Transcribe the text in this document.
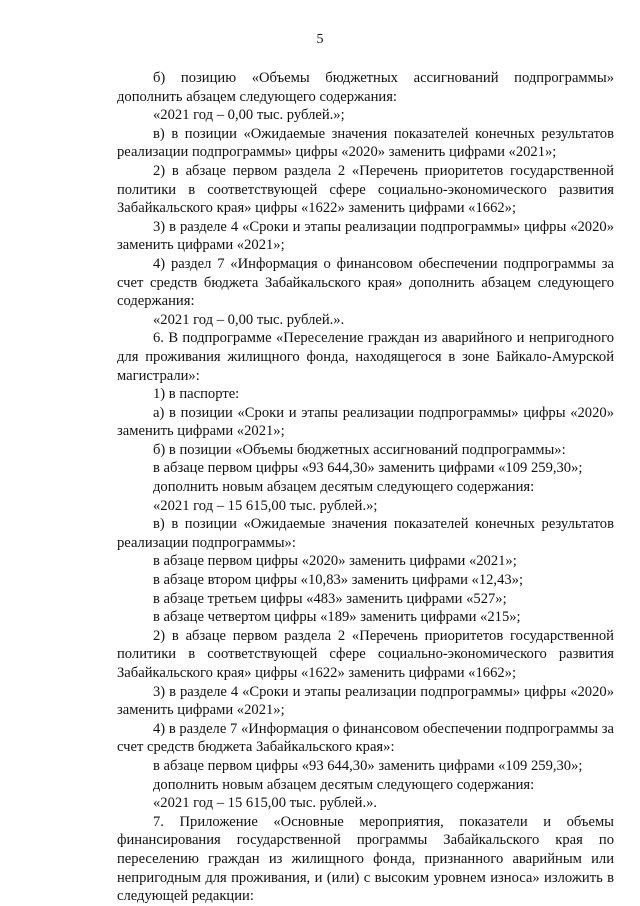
5

б) позицию «Объемы бюджетных ассигнований подпрограммы» дополнить абзацем следующего содержания:

«2021 год – 0,00 тыс. рублей.»;

в) в позиции «Ожидаемые значения показателей конечных результатов реализации подпрограммы» цифры «2020» заменить цифрами «2021»;

2) в абзаце первом раздела 2 «Перечень приоритетов государственной политики в соответствующей сфере социально-экономического развития Забайкальского края» цифры «1622» заменить цифрами «1662»;

3) в разделе 4 «Сроки и этапы реализации подпрограммы» цифры «2020» заменить цифрами «2021»;

4) раздел 7 «Информация о финансовом обеспечении подпрограммы за счет средств бюджета Забайкальского края» дополнить абзацем следующего содержания:

«2021 год – 0,00 тыс. рублей.».

6. В подпрограмме «Переселение граждан из аварийного и непригодного для проживания жилищного фонда, находящегося в зоне Байкало-Амурской магистрали»:

1) в паспорте:

а) в позиции «Сроки и этапы реализации подпрограммы» цифры «2020» заменить цифрами «2021»;

б) в позиции «Объемы бюджетных ассигнований подпрограммы»:

в абзаце первом цифры «93 644,30» заменить цифрами «109 259,30»;

дополнить новым абзацем десятым следующего содержания:

«2021 год – 15 615,00 тыс. рублей.»;

в) в позиции «Ожидаемые значения показателей конечных результатов реализации подпрограммы»:

в абзаце первом цифры «2020» заменить цифрами «2021»;

в абзаце втором цифры «10,83» заменить цифрами «12,43»;

в абзаце третьем цифры «483» заменить цифрами «527»;

в абзаце четвертом цифры «189» заменить цифрами «215»;

2) в абзаце первом раздела 2 «Перечень приоритетов государственной политики в соответствующей сфере социально-экономического развития Забайкальского края» цифры «1622» заменить цифрами «1662»;

3) в разделе 4 «Сроки и этапы реализации подпрограммы» цифры «2020» заменить цифрами «2021»;

4) в разделе 7 «Информация о финансовом обеспечении подпрограммы за счет средств бюджета Забайкальского края»:

в абзаце первом цифры «93 644,30» заменить цифрами «109 259,30»;

дополнить новым абзацем десятым следующего содержания:

«2021 год – 15 615,00 тыс. рублей.».

7. Приложение «Основные мероприятия, показатели и объемы финансирования государственной программы Забайкальского края по переселению граждан из жилищного фонда, признанного аварийным или непригодным для проживания, и (или) с высоким уровнем износа» изложить в следующей редакции:
